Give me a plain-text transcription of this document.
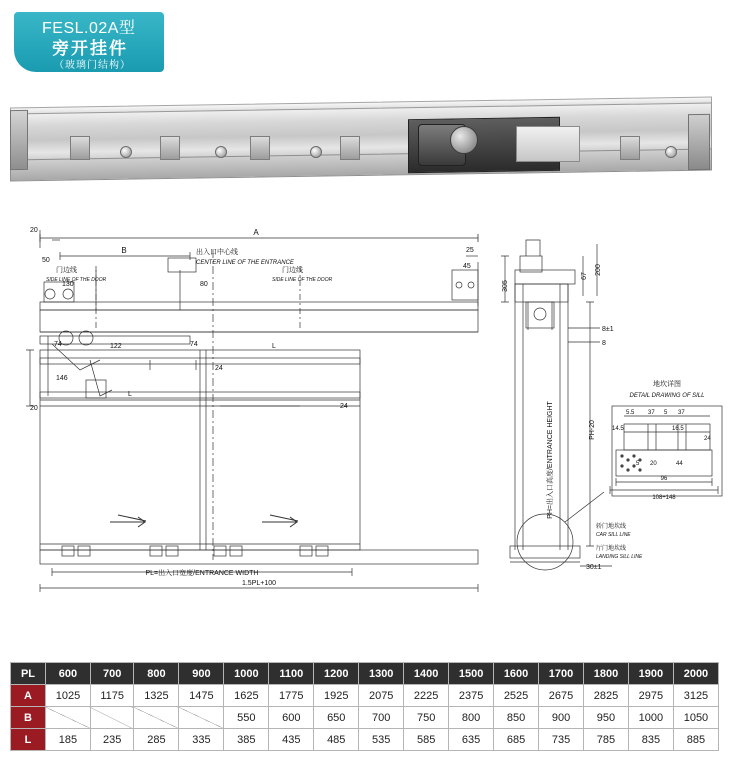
FESL.02A型
旁开挂件
（玻璃门结构）
A
B
20
25
45
50
130	80
74	74
122
146
20
24
24
L
L
出入口中心线
CENTER LINE OF THE ENTRANCE
门边线
SIDE LINE OF THE DOOR
门边线
SIDE LINE OF THE DOOR
PL=出入口宽度/ENTRANCE WIDTH
1.5PL+100
PH=出入口高度/ENTRANCE HEIGHT	PH-20
305
67
200
8±1
8
30±1
轿门地坎线
CAR SILL LINE
厅门地坎线
LANDING SILL LINE
地坎详图
DETAIL DRAWING OF SILL
5.5 37 5 37
14.5	16.5
5 20	44
24
96
108÷148
PL	600	700	800	900	1000	1100	1200	1300	1400	1500	1600	1700	1800	1900	2000
A	1025	1175	1325	1475	1625	1775	1925	2075	2225	2375	2525	2675	2825	2975	3125
B					550	600	650	700	750	800	850	900	950	1000	1050
L	185	235	285	335	385	435	485	535	585	635	685	735	785	835	885
